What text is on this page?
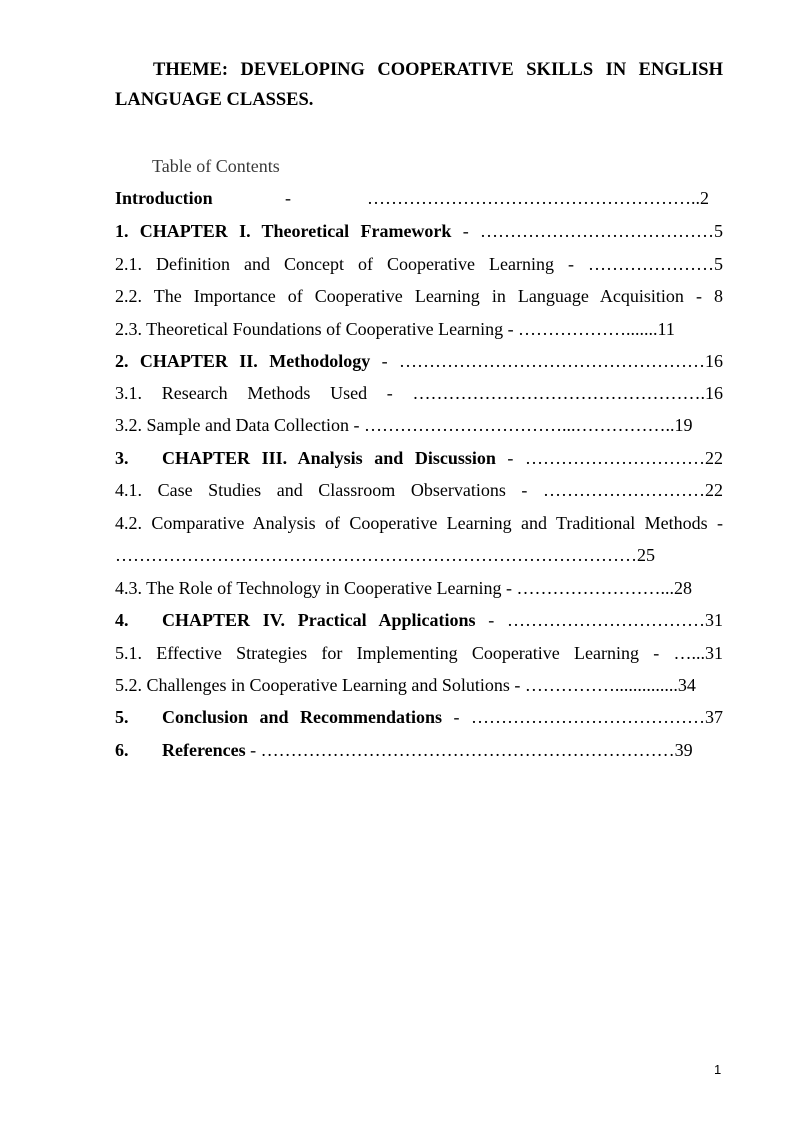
THEME: DEVELOPING COOPERATIVE SKILLS IN ENGLISH LANGUAGE CLASSES.
Table of Contents
Introduction	-	………………………………………………..2
1. CHAPTER I. Theoretical Framework - …………………………………5
2.1. Definition and Concept of Cooperative Learning - …………………5
2.2. The Importance of Cooperative Learning in Language Acquisition - 8
2.3. Theoretical Foundations of Cooperative Learning - ……………….......11
2. CHAPTER II. Methodology - ……………………………………………16
3.1. Research Methods Used - ………………………………………….16
3.2. Sample and Data Collection - ……………………………...……………..19
3. CHAPTER III. Analysis and Discussion - …………………………22
4.1. Case Studies and Classroom Observations - ………………………22
4.2. Comparative Analysis of Cooperative Learning and Traditional Methods -
……………………………………………………………………………25
4.3. The Role of Technology in Cooperative Learning - ……………………...28
4. CHAPTER IV. Practical Applications - ……………………………31
5.1. Effective Strategies for Implementing Cooperative Learning - …...31
5.2. Challenges in Cooperative Learning and Solutions - ……………..............34
5. Conclusion and Recommendations - …………………………………37
6. References - ……………………………………………………………39
1
